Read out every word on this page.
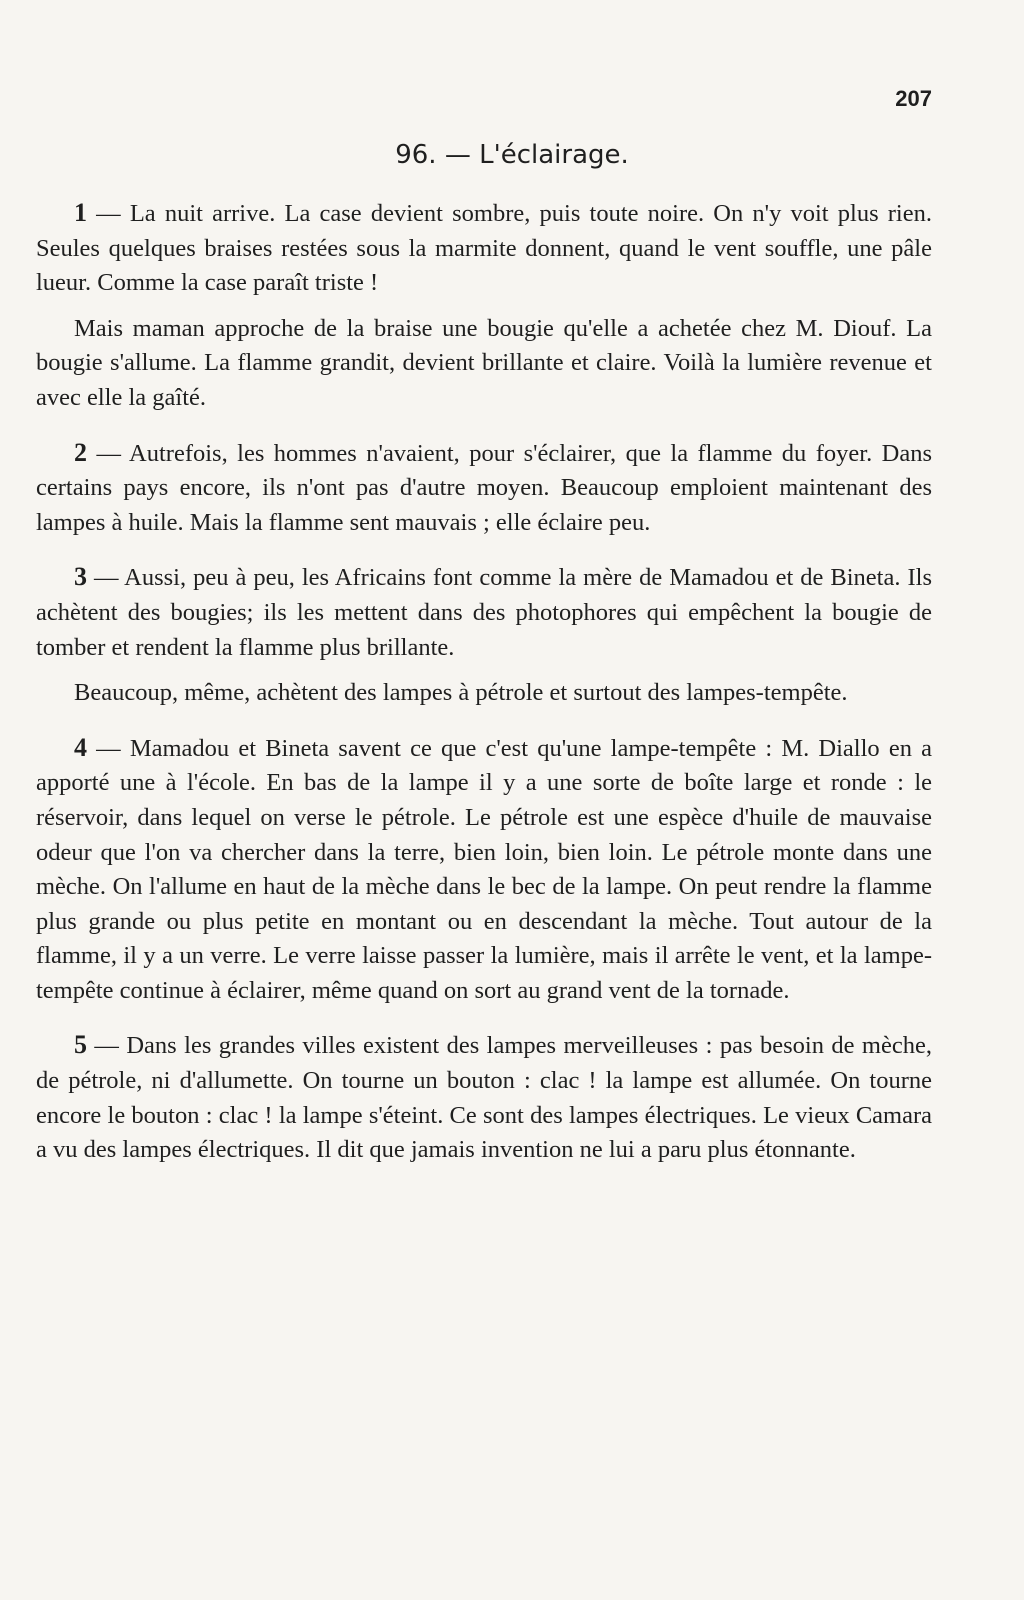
207
96. — L'éclairage.

1 — La nuit arrive. La case devient sombre, puis toute noire. On n'y voit plus rien. Seules quelques braises restées sous la marmite donnent, quand le vent souffle, une pâle lueur. Comme la case paraît triste !

Mais maman approche de la braise une bougie qu'elle a achetée chez M. Diouf. La bougie s'allume. La flamme grandit, devient brillante et claire. Voilà la lumière revenue et avec elle la gaîté.

2 — Autrefois, les hommes n'avaient, pour s'éclairer, que la flamme du foyer. Dans certains pays encore, ils n'ont pas d'autre moyen. Beaucoup emploient maintenant des lampes à huile. Mais la flamme sent mauvais ; elle éclaire peu.

3 — Aussi, peu à peu, les Africains font comme la mère de Mamadou et de Bineta. Ils achètent des bougies; ils les mettent dans des photophores qui empêchent la bougie de tomber et rendent la flamme plus brillante.

Beaucoup, même, achètent des lampes à pétrole et surtout des lampes-tempête.

4 — Mamadou et Bineta savent ce que c'est qu'une lampe-tempête : M. Diallo en a apporté une à l'école. En bas de la lampe il y a une sorte de boîte large et ronde : le réservoir, dans lequel on verse le pétrole. Le pétrole est une espèce d'huile de mauvaise odeur que l'on va chercher dans la terre, bien loin, bien loin. Le pétrole monte dans une mèche. On l'allume en haut de la mèche dans le bec de la lampe. On peut rendre la flamme plus grande ou plus petite en montant ou en descendant la mèche. Tout autour de la flamme, il y a un verre. Le verre laisse passer la lumière, mais il arrête le vent, et la lampe-tempête continue à éclairer, même quand on sort au grand vent de la tornade.

5 — Dans les grandes villes existent des lampes merveilleuses : pas besoin de mèche, de pétrole, ni d'allumette. On tourne un bouton : clac ! la lampe est allumée. On tourne encore le bouton : clac ! la lampe s'éteint. Ce sont des lampes électriques. Le vieux Camara a vu des lampes électriques. Il dit que jamais invention ne lui a paru plus étonnante.
